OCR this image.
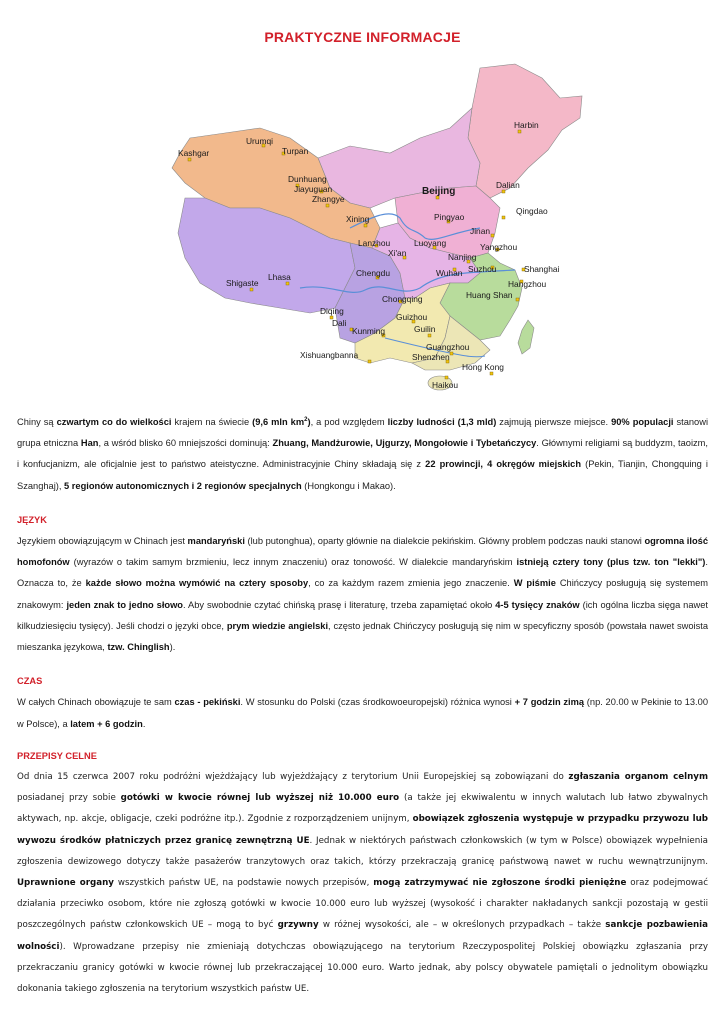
PRAKTYCZNE INFORMACJE
Kashgar
Urumqi
Turpan
Dunhuang
Jiayuguan
Zhangye
Beijing
Harbin
Dalian
Qingdao
Pingyao
Xining
Lanzhou	Luoyang	Yangzhou
Nanjing
Jinan
Xi'an
Wuhan Suzhou	Shanghai
Hangzhou
Chengdu
Lhasa
Shigaste
Chongqing	Huang Shan
Guizhou
Diqing
Dali
Kunming	Guilin
Guangzhou
Shenzhen
Xishuangbanna
Hong Kong
Haikou

Chiny są czwartym co do wielkości krajem na świecie (9,6 mln $km^2$), a pod względem liczby ludności (1,3 mld) zajmują pierwsze miejsce. 90% populacji stanowi grupa etniczna Han, a wśród blisko 60 mniejszości dominują: Zhuang, Mandżurowie, Ujgurzy, Mongołowie i Tybetańczycy. Głównymi religiami są buddyzm, taoizm, i konfucjanizm, ale oficjalnie jest to państwo ateistyczne. Administracyjnie Chiny składają się z 22 prowincji, 4 okręgów miejskich (Pekin, Tianjin, Chongquing i Szanghaj), 5 regionów autonomicznych i 2 regionów specjalnych (Hongkongu i Makao).

JĘZYK

Językiem obowiązującym w Chinach jest mandaryński (lub putonghua), oparty głównie na dialekcie pekińskim. Główny problem podczas nauki stanowi ogromna ilość homofonów (wyrazów o takim samym brzmieniu, lecz innym znaczeniu) oraz tonowość. W dialekcie mandaryńskim istnieją cztery tony (plus tzw. ton "lekki"). Oznacza to, że każde słowo można wymówić na cztery sposoby, co za każdym razem zmienia jego znaczenie. W piśmie Chińczycy posługują się systemem znakowym: jeden znak to jedno słowo. Aby swobodnie czytać chińską prasę i literaturę, trzeba zapamiętać około 4-5 tysięcy znaków (ich ogólna liczba sięga nawet kilkudziesięciu tysięcy). Jeśli chodzi o języki obce, prym wiedzie angielski, często jednak Chińczycy posługują się nim w specyficzny sposób (powstała nawet swoista mieszanka językowa, tzw. Chinglish).

CZAS

W całych Chinach obowiązuje te sam czas - pekiński. W stosunku do Polski (czas środkowoeuropejski) różnica wynosi + 7 godzin zimą (np. 20.00 w Pekinie to 13.00 w Polsce), a latem + 6 godzin.

PRZEPISY CELNE

Od dnia 15 czerwca 2007 roku podróżni wjeżdżający lub wyjeżdżający z terytorium Unii Europejskiej są zobowiązani do zgłaszania organom celnym posiadanej przy sobie gotówki w kwocie równej lub wyższej niż 10.000 euro (a także jej ekwiwalentu w innych walutach lub łatwo zbywalnych aktywach, np. akcje, obligacje, czeki podróżne itp.). Zgodnie z rozporządzeniem unijnym, obowiązek zgłoszenia występuje w przypadku przywozu lub wywozu środków płatniczych przez granicę zewnętrzną UE. Jednak w niektórych państwach członkowskich (w tym w Polsce) obowiązek wypełnienia zgłoszenia dewizowego dotyczy także pasażerów tranzytowych oraz takich, którzy przekraczają granicę państwową nawet w ruchu wewnątrzunijnym. Uprawnione organy wszystkich państw UE, na podstawie nowych przepisów, mogą zatrzymywać nie zgłoszone środki pieniężne oraz podejmować działania przeciwko osobom, które nie zgłoszą gotówki w kwocie 10.000 euro lub wyższej (wysokość i charakter nakładanych sankcji pozostają w gestii poszczególnych państw członkowskich UE – mogą to być grzywny w różnej wysokości, ale – w określonych przypadkach – także sankcje pozbawienia wolności). Wprowadzane przepisy nie zmieniają dotychczas obowiązującego na terytorium Rzeczypospolitej Polskiej obowiązku zgłaszania przy przekraczaniu granicy gotówki w kwocie równej lub przekraczającej 10.000 euro. Warto jednak, aby polscy obywatele pamiętali o jednolitym obowiązku dokonania takiego zgłoszenia na terytorium wszystkich państw UE.
